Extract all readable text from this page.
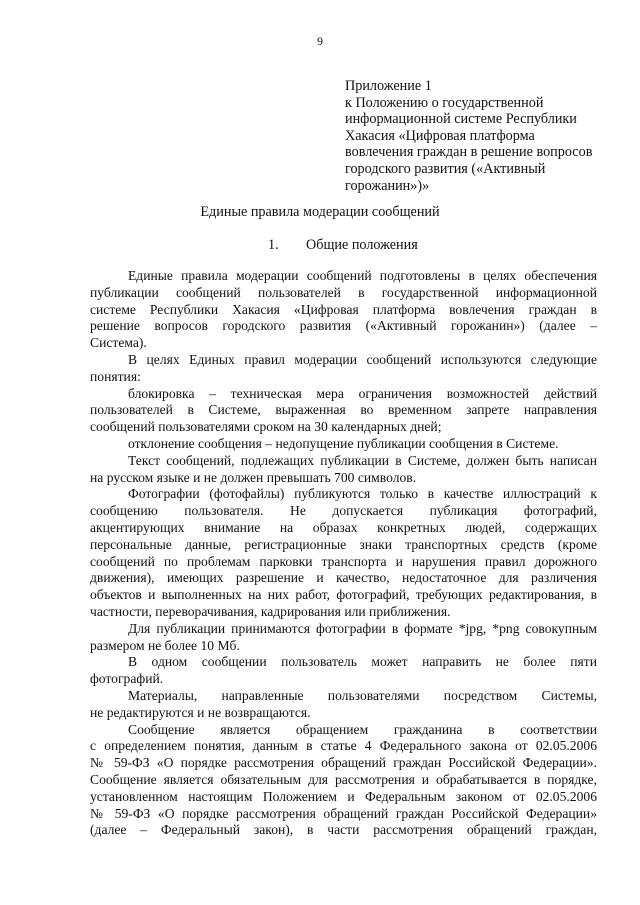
9
Приложение 1
к Положению о государственной
информационной системе Республики
Хакасия «Цифровая платформа
вовлечения граждан в решение вопросов
городского развития («Активный
горожанин»)»
Единые правила модерации сообщений
1. Общие положения
Единые правила модерации сообщений подготовлены в целях обеспечения
публикации сообщений пользователей в государственной информационной
системе Республики Хакасия «Цифровая платформа вовлечения граждан в
решение вопросов городского развития («Активный горожанин») (далее –
Система).
В целях Единых правил модерации сообщений используются следующие
понятия:
блокировка – техническая мера ограничения возможностей действий
пользователей в Системе, выраженная во временном запрете направления
сообщений пользователями сроком на 30 календарных дней;
отклонение сообщения – недопущение публикации сообщения в Системе.
Текст сообщений, подлежащих публикации в Системе, должен быть написан
на русском языке и не должен превышать 700 символов.
Фотографии (фотофайлы) публикуются только в качестве иллюстраций к
сообщению пользователя. Не допускается публикация фотографий,
акцентирующих внимание на образах конкретных людей, содержащих
персональные данные, регистрационные знаки транспортных средств (кроме
сообщений по проблемам парковки транспорта и нарушения правил дорожного
движения), имеющих разрешение и качество, недостаточное для различения
объектов и выполненных на них работ, фотографий, требующих редактирования, в
частности, переворачивания, кадрирования или приближения.
Для публикации принимаются фотографии в формате *jpg, *png совокупным
размером не более 10 Мб.
В одном сообщении пользователь может направить не более пяти
фотографий.
Материалы, направленные пользователями посредством Системы,
не редактируются и не возвращаются.
Сообщение является обращением гражданина в соответствии
с определением понятия, данным в статье 4 Федерального закона от 02.05.2006
№ 59-ФЗ «О порядке рассмотрения обращений граждан Российской Федерации».
Сообщение является обязательным для рассмотрения и обрабатывается в порядке,
установленном настоящим Положением и Федеральным законом от 02.05.2006
№ 59-ФЗ «О порядке рассмотрения обращений граждан Российской Федерации»
(далее – Федеральный закон), в части рассмотрения обращений граждан,
